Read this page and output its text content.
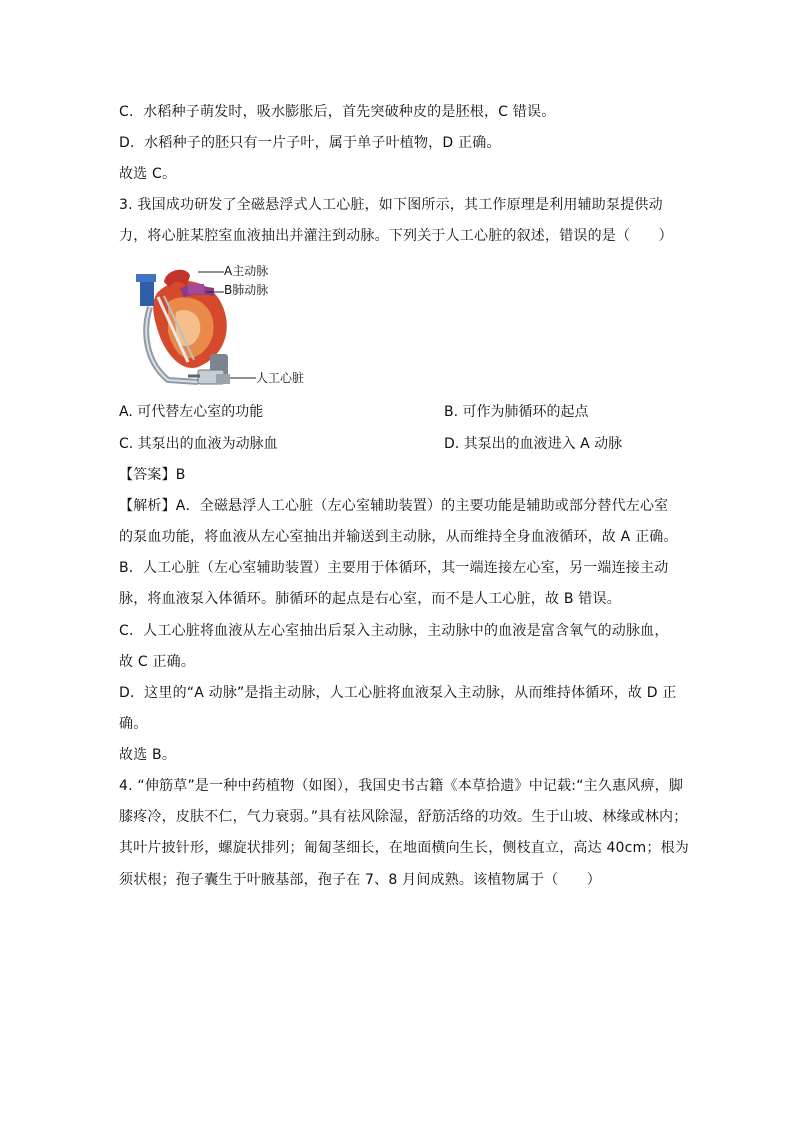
C．水稻种子萌发时，吸水膨胀后，首先突破种皮的是胚根，C 错误。
D．水稻种子的胚只有一片子叶，属于单子叶植物，D 正确。
故选 C。
3. 我国成功研发了全磁悬浮式人工心脏，如下图所示，其工作原理是利用辅助泵提供动
力，将心脏某腔室血液抽出并灌注到动脉。下列关于人工心脏的叙述，错误的是（　　）
A主动脉
B肺动脉
人工心脏
A. 可代替左心室的功能	B. 可作为肺循环的起点
C. 其泵出的血液为动脉血	D. 其泵出的血液进入 A 动脉
【答案】B
【解析】A．全磁悬浮人工心脏（左心室辅助装置）的主要功能是辅助或部分替代左心室
的泵血功能，将血液从左心室抽出并输送到主动脉，从而维持全身血液循环，故 A 正确。
B．人工心脏（左心室辅助装置）主要用于体循环，其一端连接左心室，另一端连接主动
脉，将血液泵入体循环。肺循环的起点是右心室，而不是人工心脏，故 B 错误。
C．人工心脏将血液从左心室抽出后泵入主动脉，主动脉中的血液是富含氧气的动脉血，
故 C 正确。
D．这里的“A 动脉”是指主动脉，人工心脏将血液泵入主动脉，从而维持体循环，故 D 正
确。
故选 B。
4. “伸筋草”是一种中药植物（如图），我国史书古籍《本草拾遗》中记载:“主久惠风痹，脚
膝疼冷，皮肤不仁，气力衰弱。”具有祛风除湿，舒筋活络的功效。生于山坡、林缘或林内；
其叶片披针形，螺旋状排列；匍匐茎细长，在地面横向生长，侧枝直立，高达 40cm；根为
须状根；孢子囊生于叶腋基部，孢子在 7、8 月间成熟。该植物属于（　　）
